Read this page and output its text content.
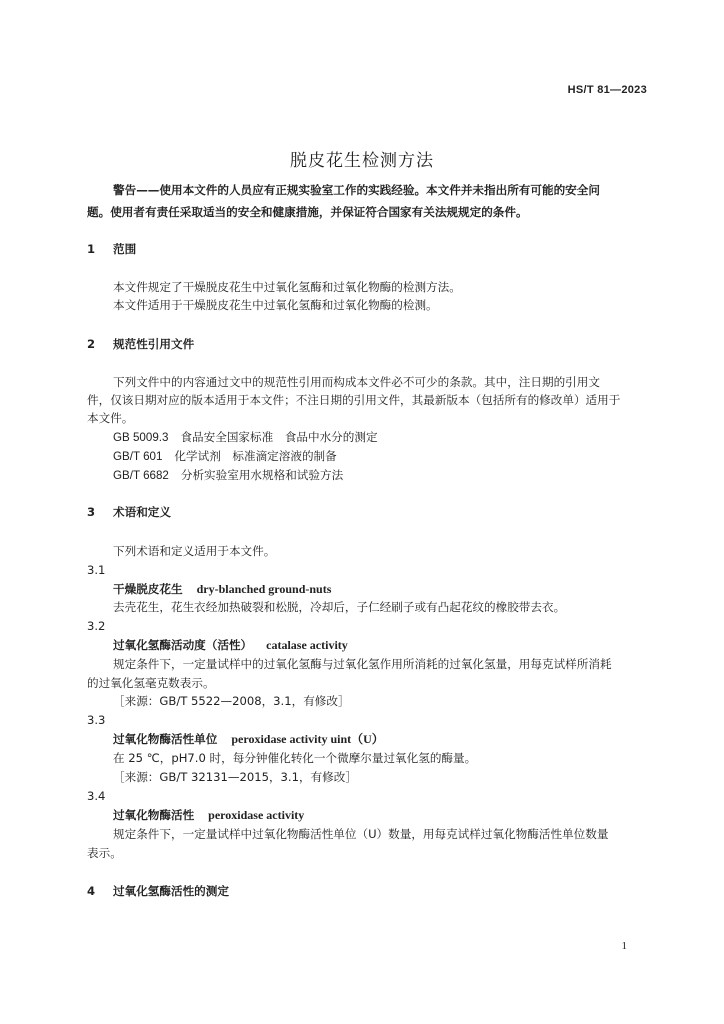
HS/T 81—2023
脱皮花生检测方法
警告——使用本文件的人员应有正规实验室工作的实践经验。本文件并未指出所有可能的安全问
题。使用者有责任采取适当的安全和健康措施，并保证符合国家有关法规规定的条件。
1 范围
本文件规定了干燥脱皮花生中过氧化氢酶和过氧化物酶的检测方法。
本文件适用于干燥脱皮花生中过氧化氢酶和过氧化物酶的检测。
2 规范性引用文件
下列文件中的内容通过文中的规范性引用而构成本文件必不可少的条款。其中，注日期的引用文
件，仅该日期对应的版本适用于本文件；不注日期的引用文件，其最新版本（包括所有的修改单）适用于
本文件。
GB 5009.3 食品安全国家标准　食品中水分的测定
GB/T 601 化学试剂　标准滴定溶液的制备
GB/T 6682 分析实验室用水规格和试验方法
3 术语和定义
下列术语和定义适用于本文件。
3.1
干燥脱皮花生 dry-blanched ground-nuts
去壳花生，花生衣经加热破裂和松脱，冷却后，子仁经刷子或有凸起花纹的橡胶带去衣。
3.2
过氧化氢酶活动度（活性） catalase activity
规定条件下，一定量试样中的过氧化氢酶与过氧化氢作用所消耗的过氧化氢量，用每克试样所消耗
的过氧化氢毫克数表示。
［来源：GB/T 5522—2008，3.1，有修改］
3.3
过氧化物酶活性单位 peroxidase activity uint（U）
在 25 ℃，pH7.0 时，每分钟催化转化一个微摩尔量过氧化氢的酶量。
［来源：GB/T 32131—2015，3.1，有修改］
3.4
过氧化物酶活性 peroxidase activity
规定条件下，一定量试样中过氧化物酶活性单位（U）数量，用每克试样过氧化物酶活性单位数量
表示。
4 过氧化氢酶活性的测定
1
